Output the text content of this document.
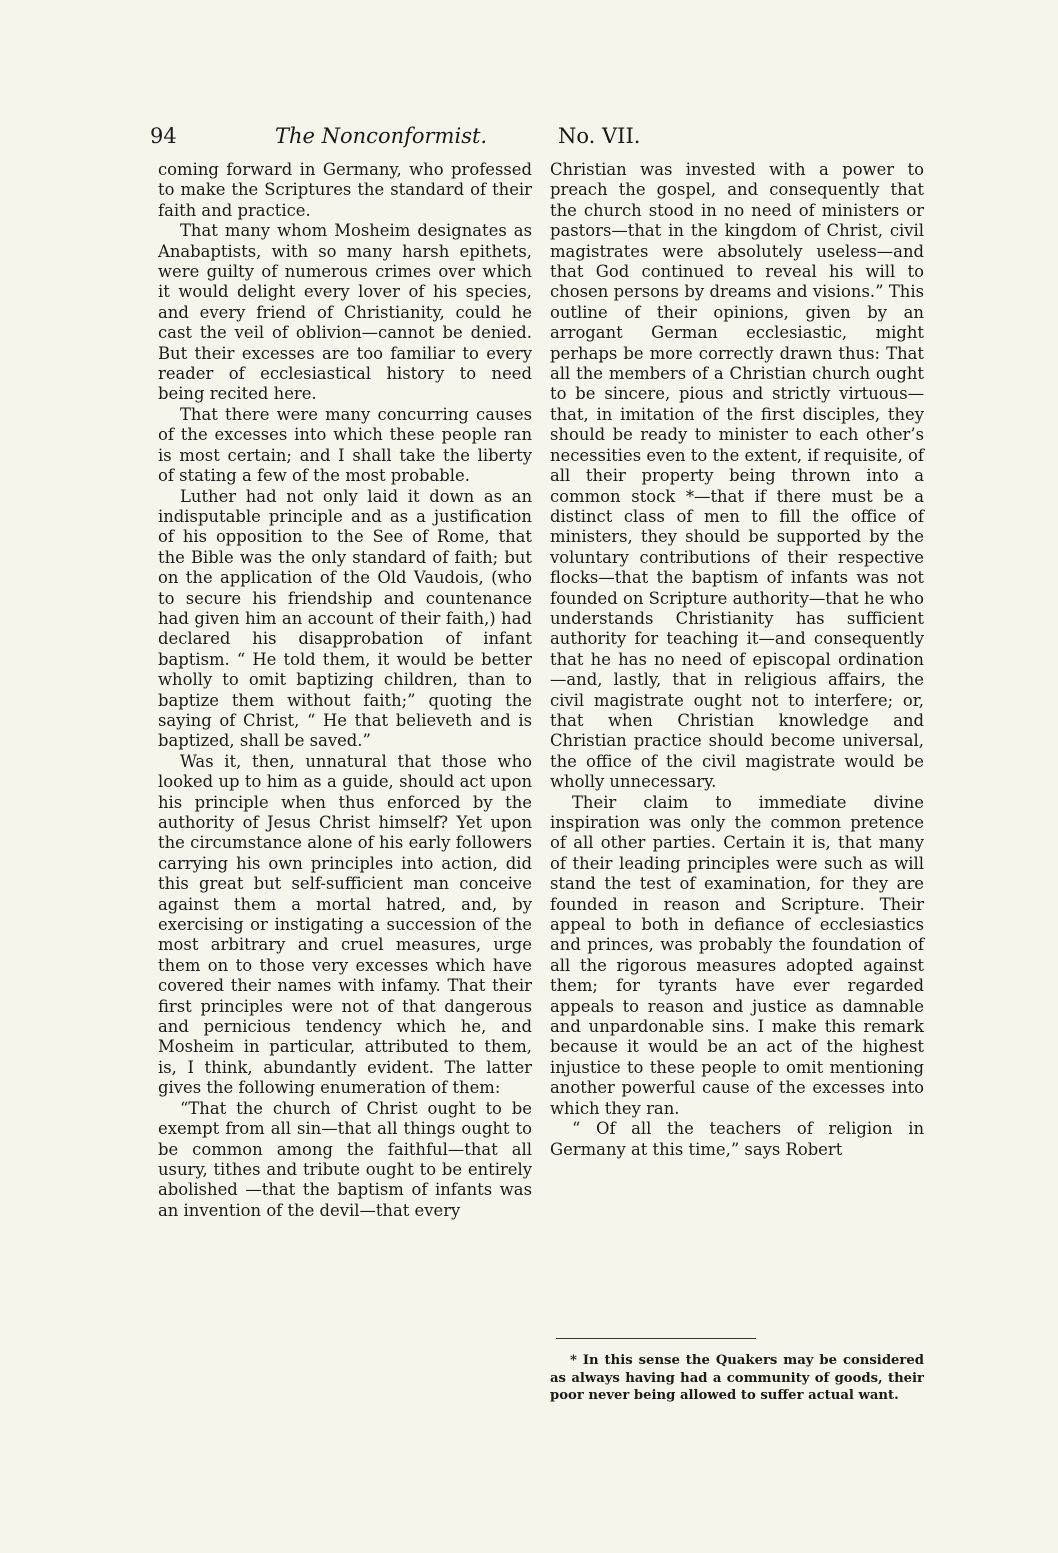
94	The Nonconformist.	No. VII.

coming forward in Germany, who professed to make the Scriptures the standard of their faith and practice.

That many whom Mosheim designates as Anabaptists, with so many harsh epithets, were guilty of numerous crimes over which it would delight every lover of his species, and every friend of Christianity, could he cast the veil of oblivion—cannot be denied. But their excesses are too familiar to every reader of ecclesiastical history to need being recited here.

That there were many concurring causes of the excesses into which these people ran is most certain; and I shall take the liberty of stating a few of the most probable.

Luther had not only laid it down as an indisputable principle and as a justification of his opposition to the See of Rome, that the Bible was the only standard of faith; but on the application of the Old Vaudois, (who to secure his friendship and countenance had given him an account of their faith,) had declared his disapprobation of infant baptism. “ He told them, it would be better wholly to omit baptizing children, than to baptize them without faith;” quoting the saying of Christ, “ He that believeth and is baptized, shall be saved.”

Was it, then, unnatural that those who looked up to him as a guide, should act upon his principle when thus enforced by the authority of Jesus Christ himself? Yet upon the circumstance alone of his early followers carrying his own principles into action, did this great but self-sufficient man conceive against them a mortal hatred, and, by exercising or instigating a succession of the most arbitrary and cruel measures, urge them on to those very excesses which have covered their names with infamy. That their first principles were not of that dangerous and pernicious tendency which he, and Mosheim in particular, attributed to them, is, I think, abundantly evident. The latter gives the following enumeration of them:

“That the church of Christ ought to be exempt from all sin—that all things ought to be common among the faithful—that all usury, tithes and tribute ought to be entirely abolished —that the baptism of infants was an invention of the devil—that every

Christian was invested with a power to preach the gospel, and consequently that the church stood in no need of ministers or pastors—that in the kingdom of Christ, civil magistrates were absolutely useless—and that God continued to reveal his will to chosen persons by dreams and visions.” This outline of their opinions, given by an arrogant German ecclesiastic, might perhaps be more correctly drawn thus: That all the members of a Christian church ought to be sincere, pious and strictly virtuous—that, in imitation of the first disciples, they should be ready to minister to each other’s necessities even to the extent, if requisite, of all their property being thrown into a common stock *—that if there must be a distinct class of men to fill the office of ministers, they should be supported by the voluntary contributions of their respective flocks—that the baptism of infants was not founded on Scripture authority—that he who understands Christianity has sufficient authority for teaching it—and consequently that he has no need of episcopal ordination—and, lastly, that in religious affairs, the civil magistrate ought not to interfere; or, that when Christian knowledge and Christian practice should become universal, the office of the civil magistrate would be wholly unnecessary.

Their claim to immediate divine inspiration was only the common pretence of all other parties. Certain it is, that many of their leading principles were such as will stand the test of examination, for they are founded in reason and Scripture. Their appeal to both in defiance of ecclesiastics and princes, was probably the foundation of all the rigorous measures adopted against them; for tyrants have ever regarded appeals to reason and justice as damnable and unpardonable sins. I make this remark because it would be an act of the highest injustice to these people to omit mentioning another powerful cause of the excesses into which they ran.

“ Of all the teachers of religion in Germany at this time,” says Robert

* In this sense the Quakers may be considered as always having had a community of goods, their poor never being allowed to suffer actual want.
